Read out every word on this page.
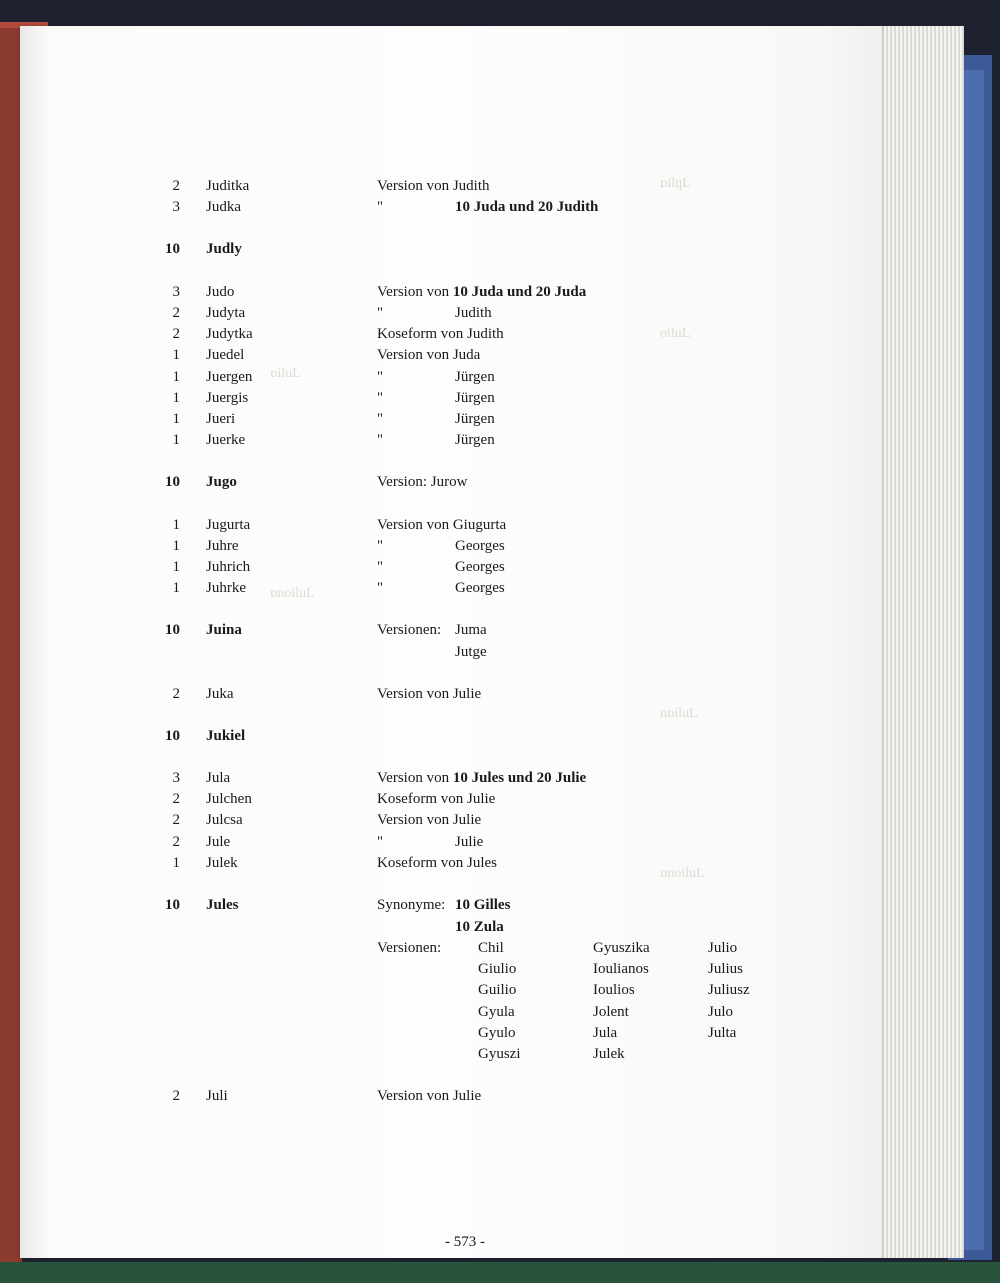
ɒilɥL
oiluL
nɒiluL
ɒnoiluL
ɒiluL
ɒnoiluL
2 Juditka	Version von Judith
3 Judka	"	10 Juda und 20 Judith
10 Judly
3 Judo	Version von 10 Juda und 20 Juda
2 Judyta	"	Judith
2 Judytka	Koseform von Judith
1 Juedel	Version von Juda
1 Juergen	"	Jürgen
1 Juergis	"	Jürgen
1 Jueri	"	Jürgen
1 Juerke	"	Jürgen
10 Jugo	Version: Jurow
1 Jugurta	Version von Giugurta
1 Juhre	"	Georges
1 Juhrich	"	Georges
1 Juhrke	"	Georges
10 Juina	Versionen: Juma
Jutge
2 Juka	Version von Julie
10 Jukiel
3 Jula	Version von 10 Jules und 20 Julie
2 Julchen	Koseform von Julie
2 Julcsa	Version von Julie
2 Jule	"	Julie
1 Julek	Koseform von Jules
10 Jules	Synonyme: 10 Gilles
10 Zula
Versionen: Chil	Gyuszika	Julio
Giulio	Ioulianos	Julius
Guilio	Ioulios	Juliusz
Gyula	Jolent	Julo
Gyulo	Jula	Julta
Gyuszi	Julek
2 Juli	Version von Julie
- 573 -
